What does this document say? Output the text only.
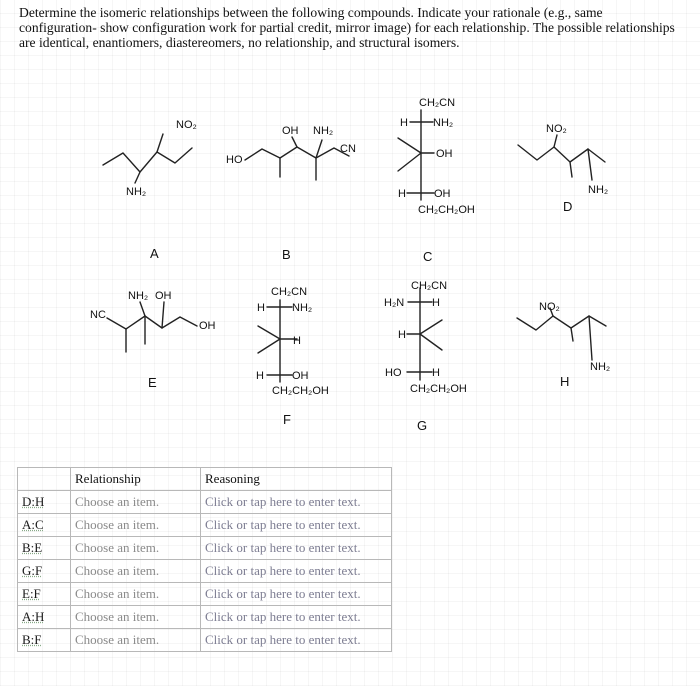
Determine the isomeric relationships between the following compounds. Indicate your rationale (e.g., same configuration- show configuration work for partial credit, mirror image) for each relationship. The possible relationships are identical, enantiomers, diastereomers, no relationship, and structural isomers.

NO₂
NH₂
A
HO
OH NH₂
CN
B
CH₂CN
H NH₂
OH
H	OH
CH₂CH₂OH
C
NO₂
NH₂
D
NC
NH₂ OH
OH
E
CH₂CN
H NH₂
H
H	OH
CH₂CH₂OH
F
CH₂CN
H₂N	H
H
HO	H
CH₂CH₂OH
G
NO₂
NH₂
H
	Relationship	Reasoning
D:H	Choose an item.	Click or tap here to enter text.
A:C	Choose an item.	Click or tap here to enter text.
B:E	Choose an item.	Click or tap here to enter text.
G:F	Choose an item.	Click or tap here to enter text.
E:F	Choose an item.	Click or tap here to enter text.
A:H	Choose an item.	Click or tap here to enter text.
B:F	Choose an item.	Click or tap here to enter text.
